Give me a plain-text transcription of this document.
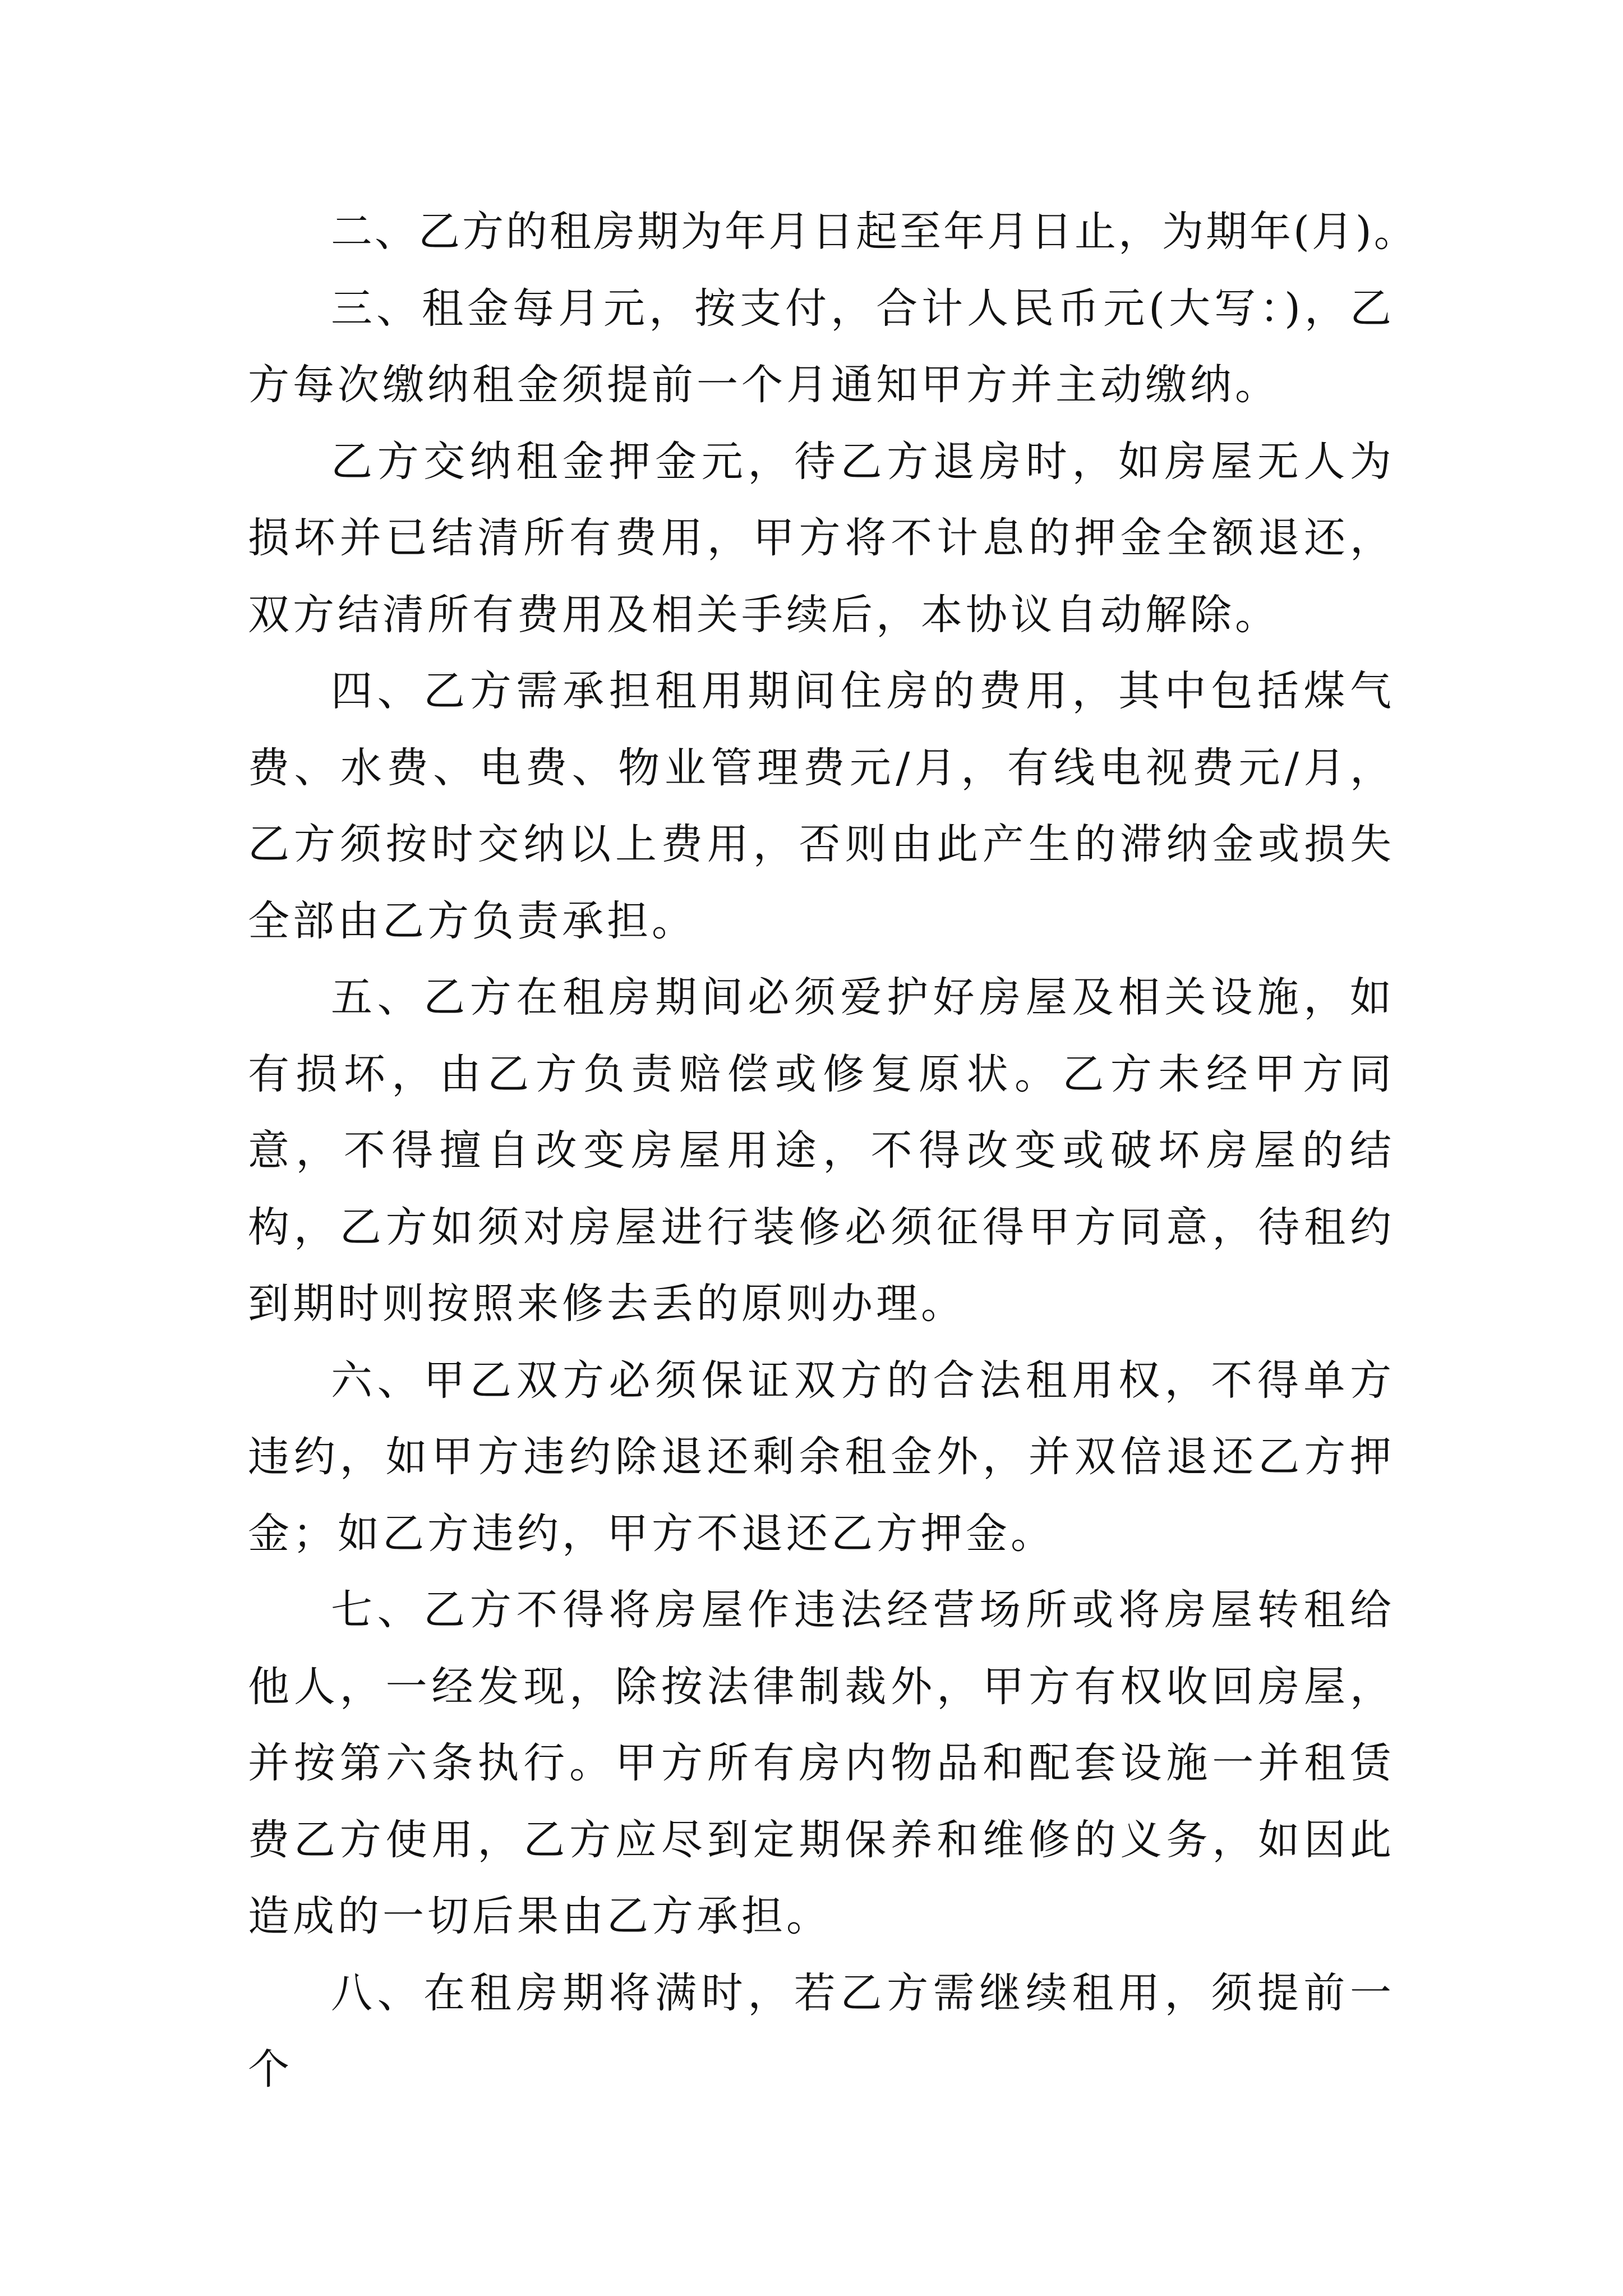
二、乙方的租房期为年月日起至年月日止，为期年(月)。

三、租金每月元，按支付，合计人民币元(大写：)，乙方每次缴纳租金须提前一个月通知甲方并主动缴纳。

乙方交纳租金押金元，待乙方退房时，如房屋无人为损坏并已结清所有费用，甲方将不计息的押金全额退还，双方结清所有费用及相关手续后，本协议自动解除。

四、乙方需承担租用期间住房的费用，其中包括煤气费、水费、电费、物业管理费元/月，有线电视费元/月，乙方须按时交纳以上费用，否则由此产生的滞纳金或损失全部由乙方负责承担。

五、乙方在租房期间必须爱护好房屋及相关设施，如有损坏，由乙方负责赔偿或修复原状。乙方未经甲方同意，不得擅自改变房屋用途，不得改变或破坏房屋的结构，乙方如须对房屋进行装修必须征得甲方同意，待租约到期时则按照来修去丢的原则办理。

六、甲乙双方必须保证双方的合法租用权，不得单方违约，如甲方违约除退还剩余租金外，并双倍退还乙方押金；如乙方违约，甲方不退还乙方押金。

七、乙方不得将房屋作违法经营场所或将房屋转租给他人，一经发现，除按法律制裁外，甲方有权收回房屋，并按第六条执行。甲方所有房内物品和配套设施一并租赁费乙方使用，乙方应尽到定期保养和维修的义务，如因此造成的一切后果由乙方承担。

八、在租房期将满时，若乙方需继续租用，须提前一个
